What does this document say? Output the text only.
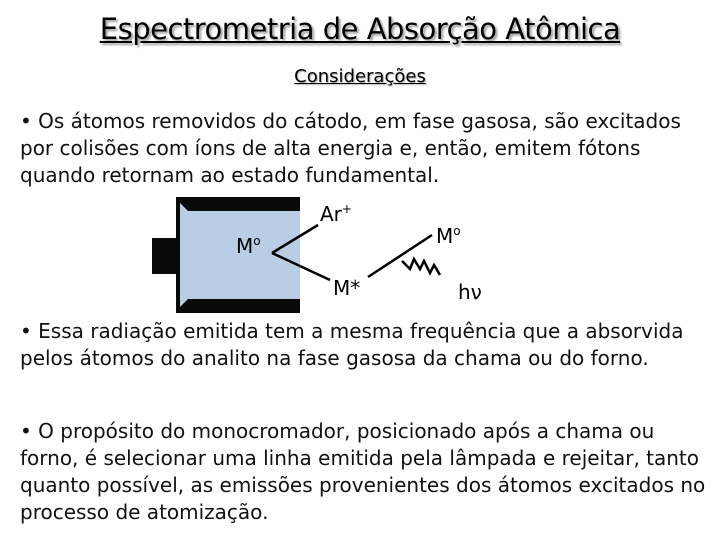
Espectrometria de Absorção Atômica
Considerações
• Os átomos removidos do cátodo, em fase gasosa, são excitados por colisões com íons de alta energia e, então, emitem fótons quando retornam ao estado fundamental.
$M^o$
Ar+
M*
$M^o$
hν
• Essa radiação emitida tem a mesma frequência que a absorvida pelos átomos do analito na fase gasosa da chama ou do forno.
• O propósito do monocromador, posicionado após a chama ou forno, é selecionar uma linha emitida pela lâmpada e rejeitar, tanto quanto possível, as emissões provenientes dos átomos excitados no processo de atomização.
